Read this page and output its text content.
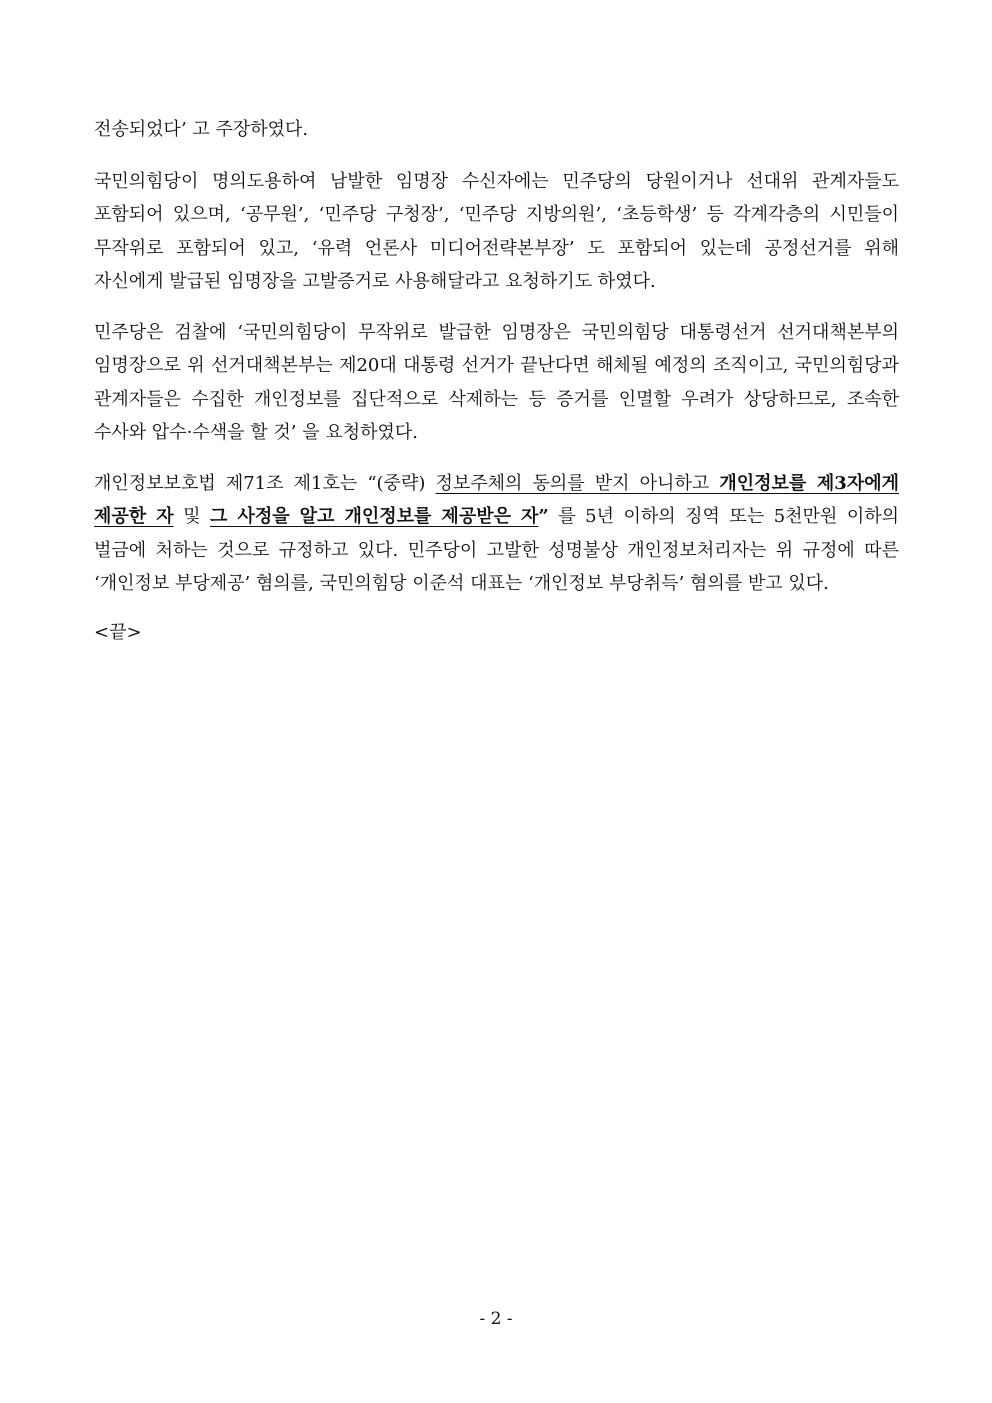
전송되었다’ 고 주장하였다.

국민의힘당이 명의도용하여 남발한 임명장 수신자에는 민주당의 당원이거나 선대위 관계자들도 포함되어 있으며, ‘공무원’, ‘민주당 구청장’, ‘민주당 지방의원’, ‘초등학생’ 등 각계각층의 시민들이 무작위로 포함되어 있고, ‘유력 언론사 미디어전략본부장’ 도 포함되어 있는데 공정선거를 위해 자신에게 발급된 임명장을 고발증거로 사용해달라고 요청하기도 하였다.

민주당은 검찰에 ‘국민의힘당이 무작위로 발급한 임명장은 국민의힘당 대통령선거 선거대책본부의 임명장으로 위 선거대책본부는 제20대 대통령 선거가 끝난다면 해체될 예정의 조직이고, 국민의힘당과 관계자들은 수집한 개인정보를 집단적으로 삭제하는 등 증거를 인멸할 우려가 상당하므로, 조속한 수사와 압수·수색을 할 것’ 을 요청하였다.

개인정보보호법 제71조 제1호는 “(중략) 정보주체의 동의를 받지 아니하고 개인정보를 제3자에게 제공한 자 및 그 사정을 알고 개인정보를 제공받은 자” 를 5년 이하의 징역 또는 5천만원 이하의 벌금에 처하는 것으로 규정하고 있다. 민주당이 고발한 성명불상 개인정보처리자는 위 규정에 따른 ‘개인정보 부당제공’ 혐의를, 국민의힘당 이준석 대표는 ‘개인정보 부당취득’ 혐의를 받고 있다.

<끝>

- 2 -
